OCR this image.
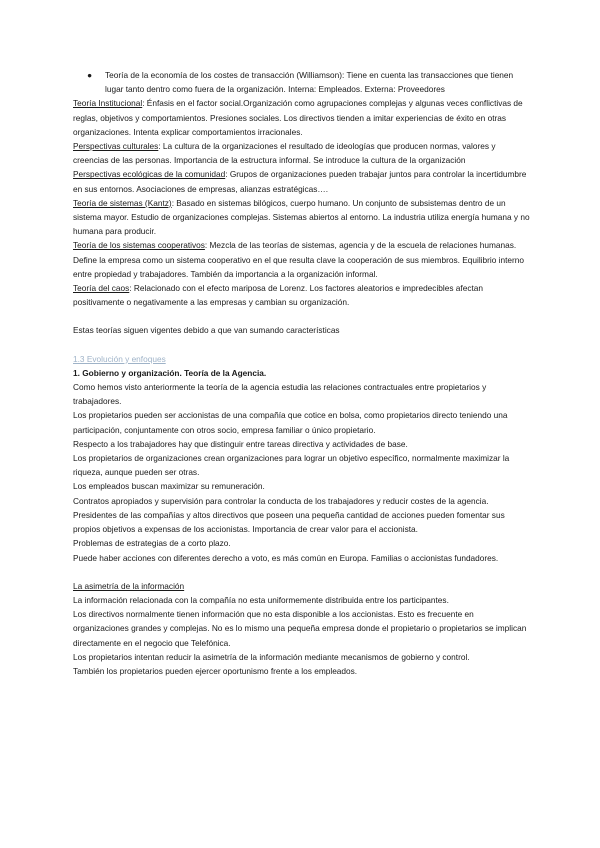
●	Teoría de la economía de los costes de transacción (Williamson): Tiene en cuenta las transacciones que tienen lugar tanto dentro como fuera de la organización. Interna: Empleados. Externa: Proveedores

Teoría Institucional: Énfasis en el factor social.Organización como agrupaciones complejas y algunas veces conflictivas de reglas, objetivos y comportamientos. Presiones sociales. Los directivos tienden a imitar experiencias de éxito en otras organizaciones. Intenta explicar comportamientos irracionales.

Perspectivas culturales: La cultura de la organizaciones el resultado de ideologías que producen normas, valores y creencias de las personas. Importancia de la estructura informal. Se introduce la cultura de la organización

Perspectivas ecológicas de la comunidad: Grupos de organizaciones pueden trabajar juntos para controlar la incertidumbre en sus entornos. Asociaciones de empresas, alianzas estratégicas….

Teoría de sistemas (Kantz): Basado en sistemas bilógicos, cuerpo humano. Un conjunto de subsistemas dentro de un sistema mayor. Estudio de organizaciones complejas. Sistemas abiertos al entorno. La industria utiliza energía humana y no humana para producir.

Teoría de los sistemas cooperativos: Mezcla de las teorías de sistemas, agencia y de la escuela de relaciones humanas. Define la empresa como un sistema cooperativo en el que resulta clave la cooperación de sus miembros. Equilibrio interno entre propiedad y trabajadores. También da importancia a la organización informal.

Teoría del caos: Relacionado con el efecto mariposa de Lorenz. Los factores aleatorios e impredecibles afectan positivamente o negativamente a las empresas y cambian su organización.

Estas teorías siguen vigentes debido a que van sumando características

1.3 Evolución y enfoques

1. Gobierno y organización. Teoría de la Agencia.

Como hemos visto anteriormente la teoría de la agencia estudia las relaciones contractuales entre propietarios y trabajadores.

Los propietarios pueden ser accionistas de una compañía que cotice en bolsa, como propietarios directo teniendo una participación, conjuntamente con otros socio, empresa familiar o único propietario.

Respecto a los trabajadores hay que distinguir entre tareas directiva y actividades de base.

Los propietarios de organizaciones crean organizaciones para lograr un objetivo específico, normalmente maximizar la riqueza, aunque pueden ser otras.

Los empleados buscan maximizar su remuneración.

Contratos apropiados y supervisión para controlar la conducta de los trabajadores y reducir costes de la agencia.

Presidentes de las compañías y altos directivos que poseen una pequeña cantidad de acciones pueden fomentar sus propios objetivos a expensas de los accionistas. Importancia de crear valor para el accionista.

Problemas de estrategias de a corto plazo.

Puede haber acciones con diferentes derecho a voto, es más común en Europa. Familias o accionistas fundadores.

La asimetría de la información

La información relacionada con la compañía no esta uniformemente distribuida entre los participantes.

Los directivos normalmente tienen información que no esta disponible a los accionistas. Esto es frecuente en organizaciones grandes y complejas. No es lo mismo una pequeña empresa donde el propietario o propietarios se implican directamente en el negocio que Telefónica.

Los propietarios intentan reducir la asimetría de la información mediante mecanismos de gobierno y control.

También los propietarios pueden ejercer oportunismo frente a los empleados.
